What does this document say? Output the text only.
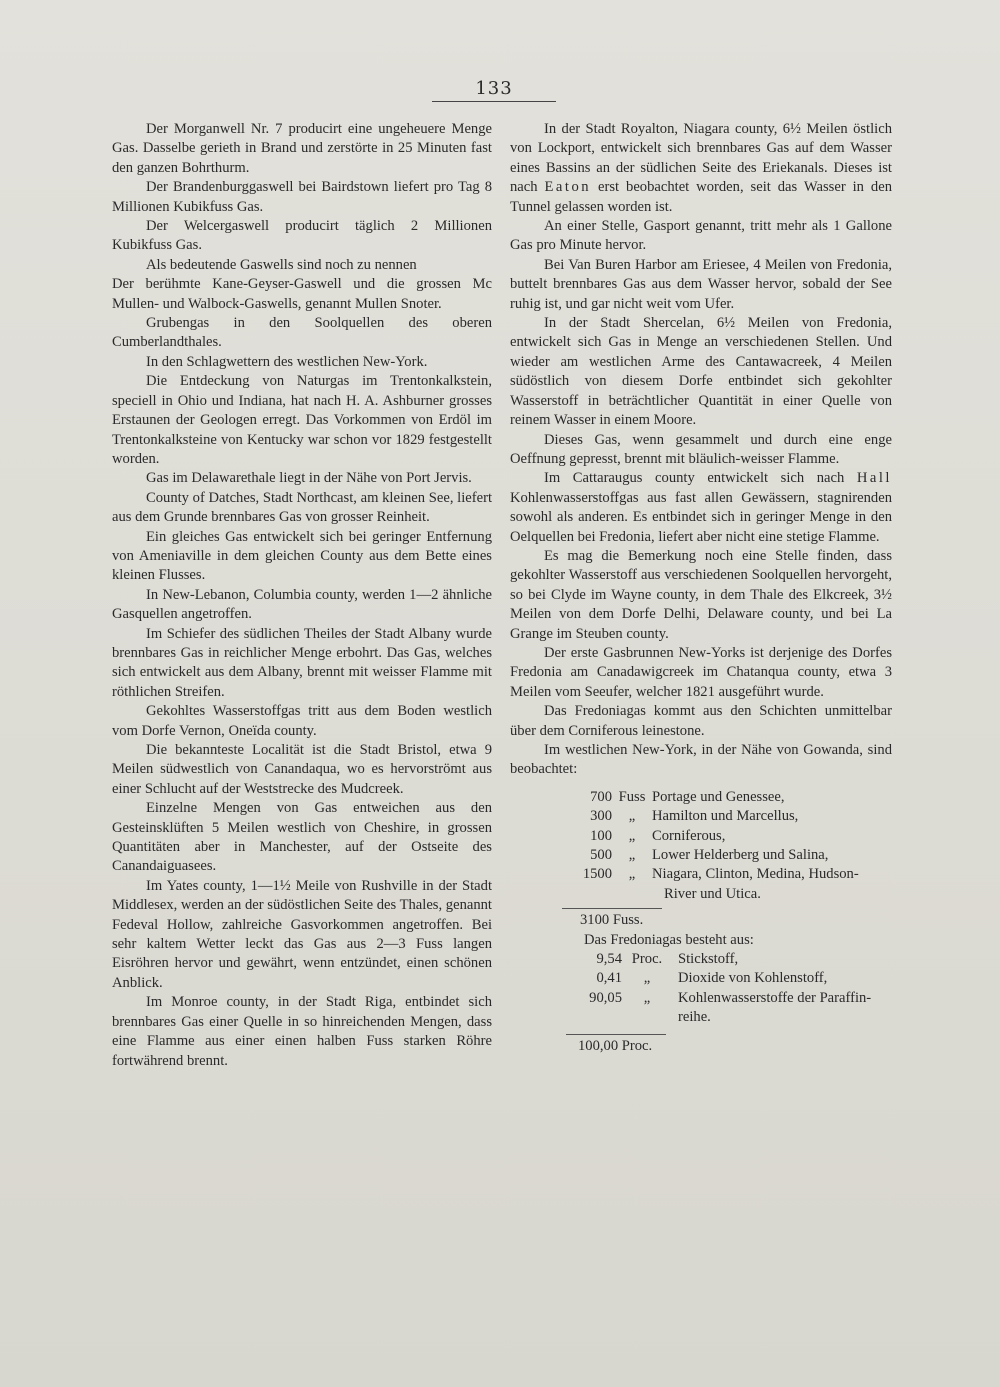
133

Der Morganwell Nr. 7 producirt eine ungeheuere Menge Gas. Dasselbe gerieth in Brand und zerstörte in 25 Minuten fast den ganzen Bohrthurm.

Der Brandenburggaswell bei Bairdstown liefert pro Tag 8 Millionen Kubikfuss Gas.

Der Welcergaswell producirt täglich 2 Millionen Kubikfuss Gas.

Als bedeutende Gaswells sind noch zu nennen

Der berühmte Kane-Geyser-Gaswell und die grossen Mc Mullen- und Walbock-Gaswells, genannt Mullen Snoter.

Grubengas in den Soolquellen des oberen Cumberlandthales.

In den Schlagwettern des westlichen New-York.

Die Entdeckung von Naturgas im Trentonkalkstein, speciell in Ohio und Indiana, hat nach H. A. Ashburner grosses Erstaunen der Geologen erregt. Das Vorkommen von Erdöl im Trentonkalksteine von Kentucky war schon vor 1829 festgestellt worden.

Gas im Delawarethale liegt in der Nähe von Port Jervis.

County of Datches, Stadt Northcast, am kleinen See, liefert aus dem Grunde brennbares Gas von grosser Reinheit.

Ein gleiches Gas entwickelt sich bei geringer Entfernung von Ameniaville in dem gleichen County aus dem Bette eines kleinen Flusses.

In New-Lebanon, Columbia county, werden 1—2 ähnliche Gasquellen angetroffen.

Im Schiefer des südlichen Theiles der Stadt Albany wurde brennbares Gas in reichlicher Menge erbohrt. Das Gas, welches sich entwickelt aus dem Albany, brennt mit weisser Flamme mit röthlichen Streifen.

Gekohltes Wasserstoffgas tritt aus dem Boden westlich vom Dorfe Vernon, Oneïda county.

Die bekannteste Localität ist die Stadt Bristol, etwa 9 Meilen südwestlich von Canandaqua, wo es hervorströmt aus einer Schlucht auf der Weststrecke des Mudcreek.

Einzelne Mengen von Gas entweichen aus den Gesteinsklüften 5 Meilen westlich von Cheshire, in grossen Quantitäten aber in Manchester, auf der Ostseite des Canandaiguasees.

Im Yates county, 1—1½ Meile von Rushville in der Stadt Middlesex, werden an der südöstlichen Seite des Thales, genannt Fedeval Hollow, zahlreiche Gasvorkommen angetroffen. Bei sehr kaltem Wetter leckt das Gas aus 2—3 Fuss langen Eisröhren hervor und gewährt, wenn entzündet, einen schönen Anblick.

Im Monroe county, in der Stadt Riga, entbindet sich brennbares Gas einer Quelle in so hinreichenden Mengen, dass eine Flamme aus einer einen halben Fuss starken Röhre fortwährend brennt.

In der Stadt Royalton, Niagara county, 6½ Meilen östlich von Lockport, entwickelt sich brennbares Gas auf dem Wasser eines Bassins an der südlichen Seite des Eriekanals. Dieses ist nach Eaton erst beobachtet worden, seit das Wasser in den Tunnel gelassen worden ist.

An einer Stelle, Gasport genannt, tritt mehr als 1 Gallone Gas pro Minute hervor.

Bei Van Buren Harbor am Eriesee, 4 Meilen von Fredonia, buttelt brennbares Gas aus dem Wasser hervor, sobald der See ruhig ist, und gar nicht weit vom Ufer.

In der Stadt Shercelan, 6½ Meilen von Fredonia, entwickelt sich Gas in Menge an verschiedenen Stellen. Und wieder am westlichen Arme des Cantawacreek, 4 Meilen südöstlich von diesem Dorfe entbindet sich gekohlter Wasserstoff in beträchtlicher Quantität in einer Quelle von reinem Wasser in einem Moore.

Dieses Gas, wenn gesammelt und durch eine enge Oeffnung gepresst, brennt mit bläulich-weisser Flamme.

Im Cattaraugus county entwickelt sich nach Hall Kohlenwasserstoffgas aus fast allen Gewässern, stagnirenden sowohl als anderen. Es entbindet sich in geringer Menge in den Oelquellen bei Fredonia, liefert aber nicht eine stetige Flamme.

Es mag die Bemerkung noch eine Stelle finden, dass gekohlter Wasserstoff aus verschiedenen Soolquellen hervorgeht, so bei Clyde im Wayne county, in dem Thale des Elkcreek, 3½ Meilen von dem Dorfe Delhi, Delaware county, und bei La Grange im Steuben county.

Der erste Gasbrunnen New-Yorks ist derjenige des Dorfes Fredonia am Canadawigcreek im Chatanqua county, etwa 3 Meilen vom Seeufer, welcher 1821 ausgeführt wurde.

Das Fredoniagas kommt aus den Schichten unmittelbar über dem Corniferous leinestone.

Im westlichen New-York, in der Nähe von Gowanda, sind beobachtet:

700 Fuss Portage und Genessee,
300	„	Hamilton und Marcellus,
100	„	Corniferous,
500	„	Lower Helderberg und Salina,
1500	„	Niagara, Clinton, Medina, Hudson-
River und Utica.
3100 Fuss.

Das Fredoniagas besteht aus:

9,54 Proc.	Stickstoff,
0,41	„	Dioxide von Kohlenstoff,
90,05	„	Kohlenwasserstoffe der Paraffin-
reihe.
100,00 Proc.
